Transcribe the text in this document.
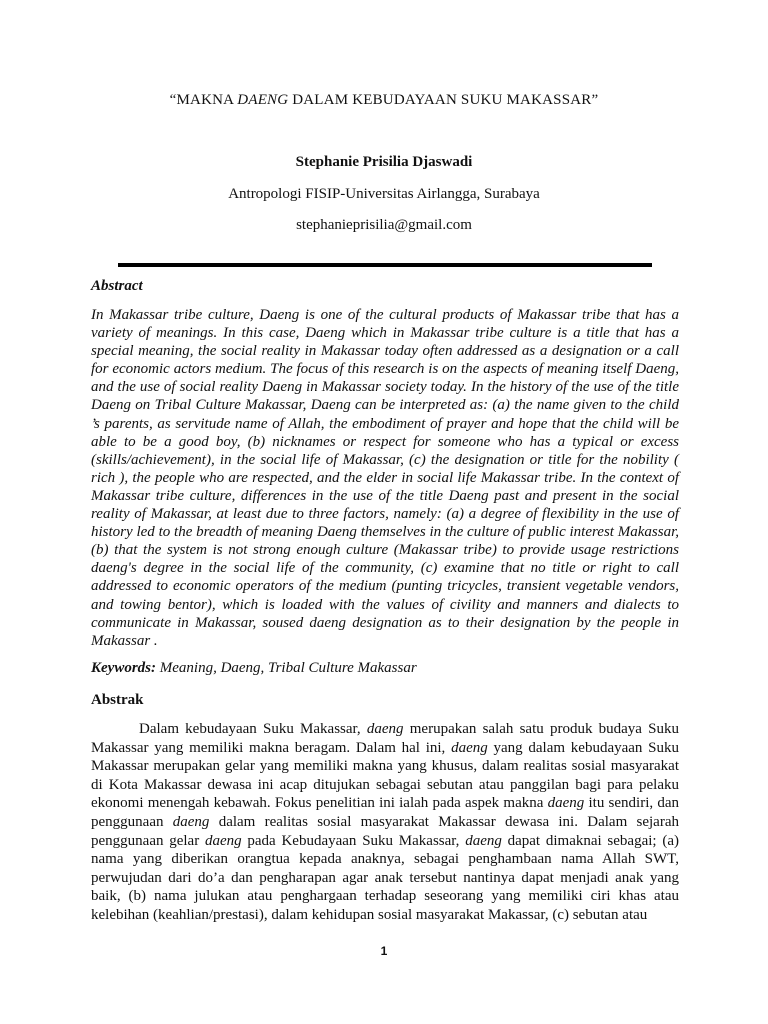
“MAKNA DAENG DALAM KEBUDAYAAN SUKU MAKASSAR”
Stephanie Prisilia Djaswadi
Antropologi FISIP-Universitas Airlangga, Surabaya
stephanieprisilia@gmail.com
Abstract

In Makassar tribe culture, Daeng is one of the cultural products of Makassar tribe that has a variety of meanings. In this case, Daeng which in Makassar tribe culture is a title that has a special meaning, the social reality in Makassar today often addressed as a designation or a call for economic actors medium. The focus of this research is on the aspects of meaning itself Daeng, and the use of social reality Daeng in Makassar society today. In the history of the use of the title Daeng on Tribal Culture Makassar, Daeng can be interpreted as: (a) the name given to the child ’s parents, as servitude name of Allah, the embodiment of prayer and hope that the child will be able to be a good boy, (b) nicknames or respect for someone who has a typical or excess (skills/achievement), in the social life of Makassar, (c) the designation or title for the nobility ( rich ), the people who are respected, and the elder in social life Makassar tribe. In the context of Makassar tribe culture, differences in the use of the title Daeng past and present in the social reality of Makassar, at least due to three factors, namely: (a) a degree of flexibility in the use of history led to the breadth of meaning Daeng themselves in the culture of public interest Makassar, (b) that the system is not strong enough culture (Makassar tribe) to provide usage restrictions daeng's degree in the social life of the community, (c) examine that no title or right to call addressed to economic operators of the medium (punting tricycles, transient vegetable vendors, and towing bentor), which is loaded with the values of civility and manners and dialects to communicate in Makassar, soused daeng designation as to their designation by the people in Makassar .

Keywords: Meaning, Daeng, Tribal Culture Makassar
Abstrak

Dalam kebudayaan Suku Makassar, daeng merupakan salah satu produk budaya Suku Makassar yang memiliki makna beragam. Dalam hal ini, daeng yang dalam kebudayaan Suku Makassar merupakan gelar yang memiliki makna yang khusus, dalam realitas sosial masyarakat di Kota Makassar dewasa ini acap ditujukan sebagai sebutan atau panggilan bagi para pelaku ekonomi menengah kebawah. Fokus penelitian ini ialah pada aspek makna daeng itu sendiri, dan penggunaan daeng dalam realitas sosial masyarakat Makassar dewasa ini. Dalam sejarah penggunaan gelar daeng pada Kebudayaan Suku Makassar, daeng dapat dimaknai sebagai; (a) nama yang diberikan orangtua kepada anaknya, sebagai penghambaan nama Allah SWT, perwujudan dari do’a dan pengharapan agar anak tersebut nantinya dapat menjadi anak yang baik, (b) nama julukan atau penghargaan terhadap seseorang yang memiliki ciri khas atau kelebihan (keahlian/prestasi), dalam kehidupan sosial masyarakat Makassar, (c) sebutan atau

1
